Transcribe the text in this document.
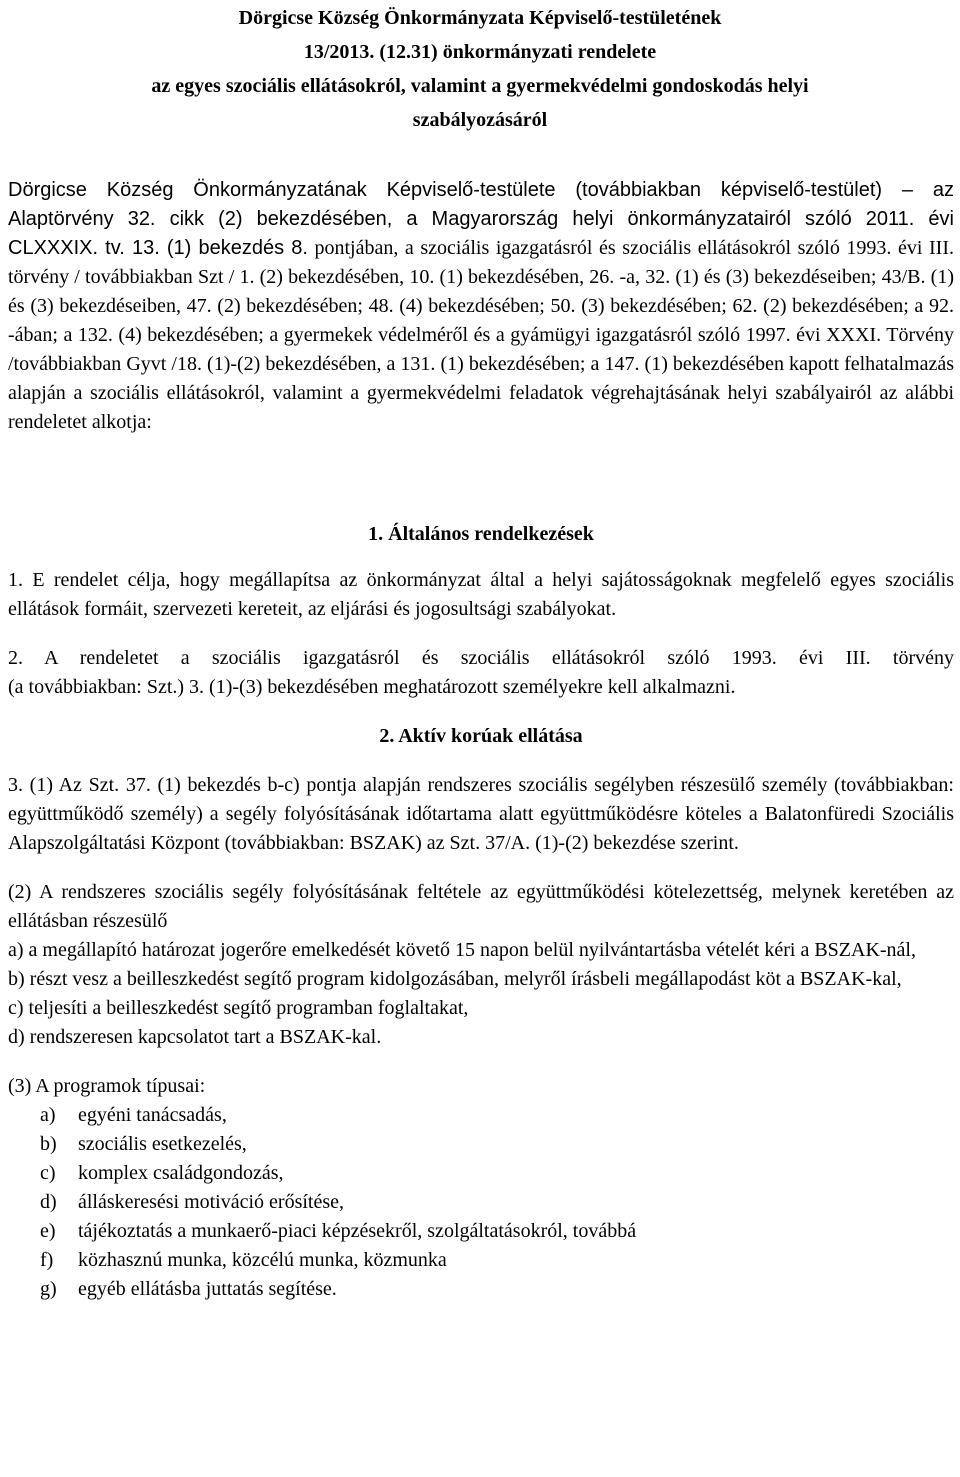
Dörgicse Község Önkormányzata Képviselő-testületének
13/2013. (12.31) önkormányzati rendelete
az egyes szociális ellátásokról, valamint a gyermekvédelmi gondoskodás helyi
szabályozásáról

Dörgicse Község Önkormányzatának Képviselő-testülete (továbbiakban képviselő-testület) – az Alaptörvény 32. cikk (2) bekezdésében, a Magyarország helyi önkormányzatairól szóló 2011. évi CLXXXIX. tv. 13. (1) bekezdés 8. pontjában, a szociális igazgatásról és szociális ellátásokról szóló 1993. évi III. törvény / továbbiakban Szt / 1. (2) bekezdésében, 10. (1) bekezdésében, 26. -a, 32. (1) és (3) bekezdéseiben; 43/B. (1) és (3) bekezdéseiben, 47. (2) bekezdésében; 48. (4) bekezdésében; 50. (3) bekezdésében; 62. (2) bekezdésében; a 92. -ában; a 132. (4) bekezdésében; a gyermekek védelméről és a gyámügyi igazgatásról szóló 1997. évi XXXI. Törvény /továbbiakban Gyvt /18. (1)-(2) bekezdésében, a 131. (1) bekezdésében; a 147. (1) bekezdésében kapott felhatalmazás alapján a szociális ellátásokról, valamint a gyermekvédelmi feladatok végrehajtásának helyi szabályairól az alábbi rendeletet alkotja:

1. Általános rendelkezések

1. E rendelet célja, hogy megállapítsa az önkormányzat által a helyi sajátosságoknak megfelelő egyes szociális ellátások formáit, szervezeti kereteit, az eljárási és jogosultsági szabályokat.

2. A rendeletet a szociális igazgatásról és szociális ellátásokról szóló 1993. évi III. törvény

(a továbbiakban: Szt.) 3. (1)-(3) bekezdésében meghatározott személyekre kell alkalmazni.

2. Aktív korúak ellátása

3. (1) Az Szt. 37. (1) bekezdés b-c) pontja alapján rendszeres szociális segélyben részesülő személy (továbbiakban: együttműködő személy) a segély folyósításának időtartama alatt együttműködésre köteles a Balatonfüredi Szociális Alapszolgáltatási Központ (továbbiakban: BSZAK) az Szt. 37/A. (1)-(2) bekezdése szerint.

(2) A rendszeres szociális segély folyósításának feltétele az együttműködési kötelezettség, melynek keretében az ellátásban részesülő

a) a megállapító határozat jogerőre emelkedését követő 15 napon belül nyilvántartásba vételét kéri a BSZAK-nál,

b) részt vesz a beilleszkedést segítő program kidolgozásában, melyről írásbeli megállapodást köt a BSZAK-kal,

c) teljesíti a beilleszkedést segítő programban foglaltakat,

d) rendszeresen kapcsolatot tart a BSZAK-kal.

(3) A programok típusai:

a)	egyéni tanácsadás,
b)	szociális esetkezelés,
c)	komplex családgondozás,
d)	álláskeresési motiváció erősítése,
e)	tájékoztatás a munkaerő-piaci képzésekről, szolgáltatásokról, továbbá
f)	közhasznú munka, közcélú munka, közmunka
g)	egyéb ellátásba juttatás segítése.
